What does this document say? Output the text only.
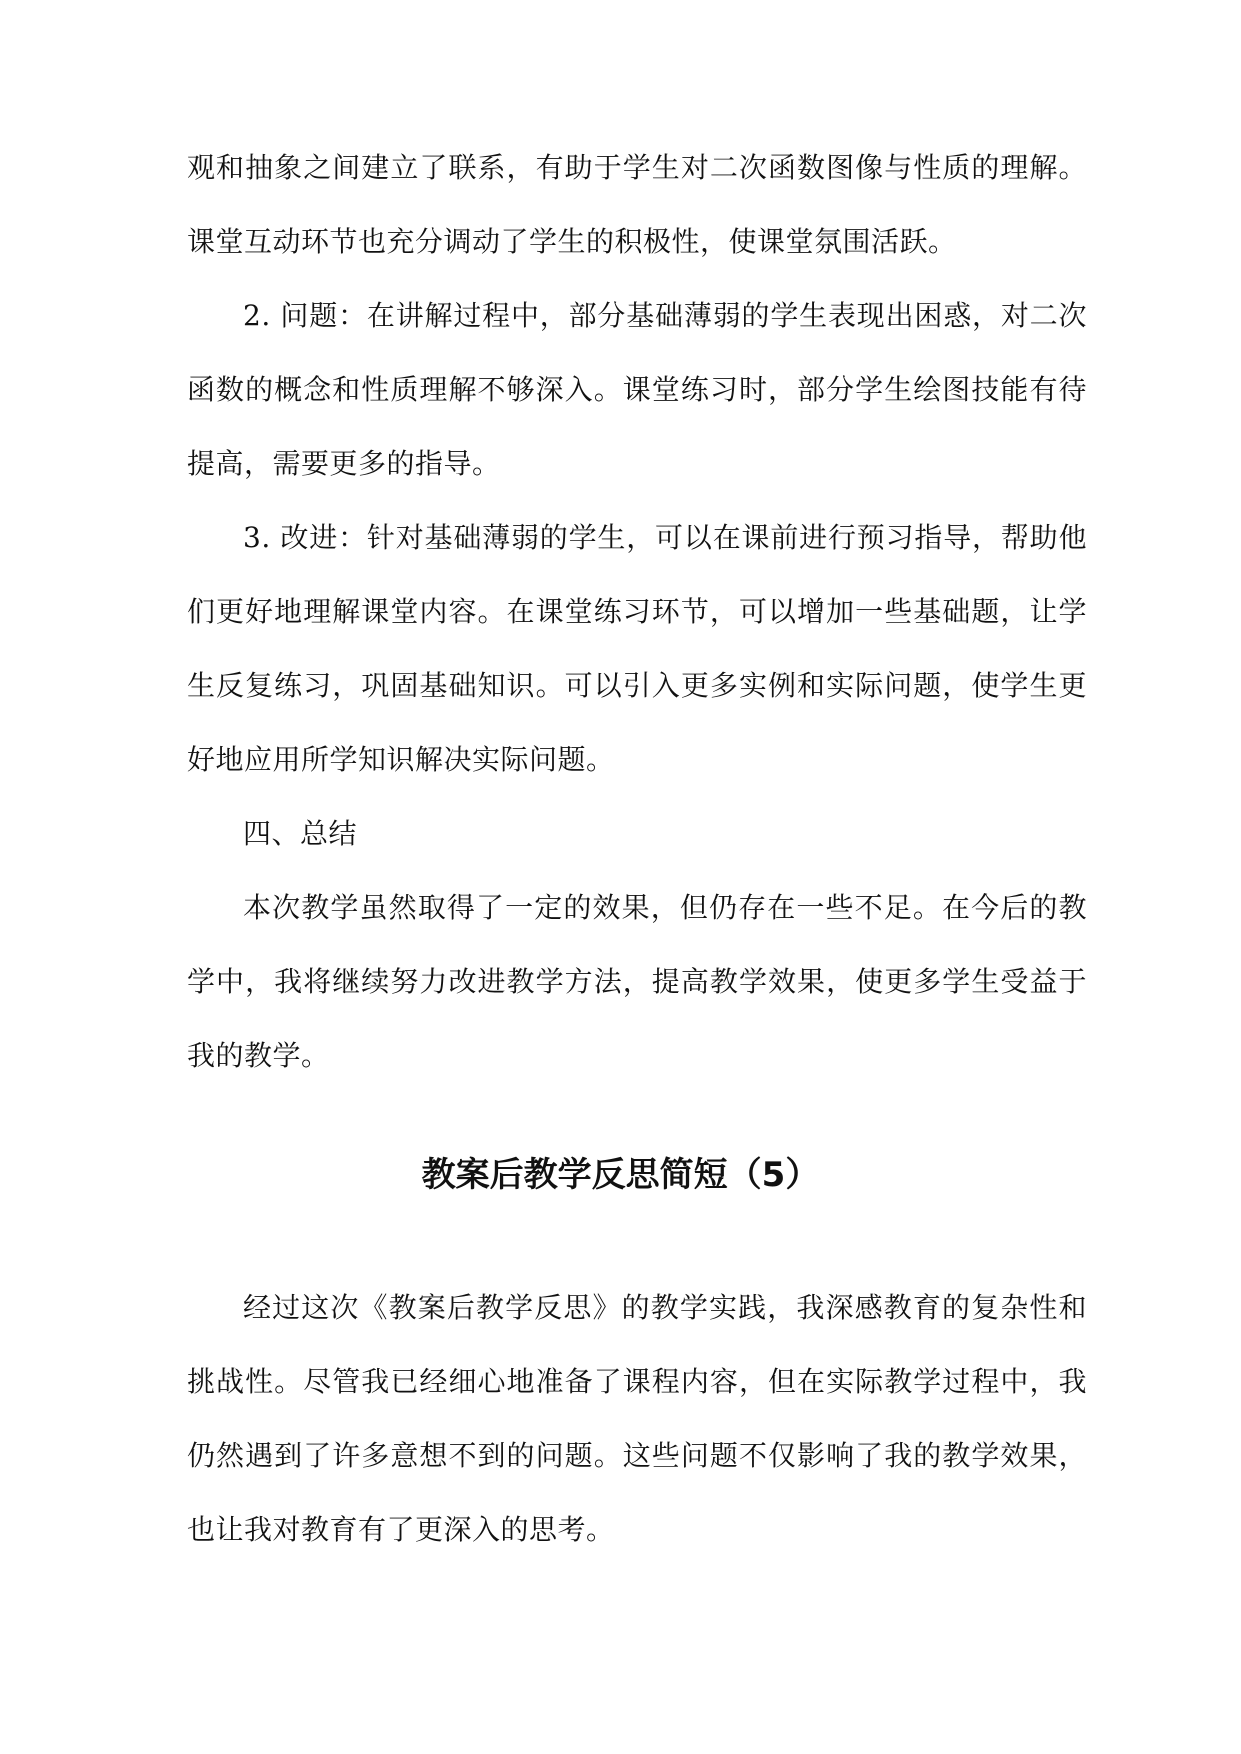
观和抽象之间建立了联系，有助于学生对二次函数图像与性质的理解。课堂互动环节也充分调动了学生的积极性，使课堂氛围活跃。

2. 问题：在讲解过程中，部分基础薄弱的学生表现出困惑，对二次函数的概念和性质理解不够深入。课堂练习时，部分学生绘图技能有待提高，需要更多的指导。

3. 改进：针对基础薄弱的学生，可以在课前进行预习指导，帮助他们更好地理解课堂内容。在课堂练习环节，可以增加一些基础题，让学生反复练习，巩固基础知识。可以引入更多实例和实际问题，使学生更好地应用所学知识解决实际问题。

四、总结

本次教学虽然取得了一定的效果，但仍存在一些不足。在今后的教学中，我将继续努力改进教学方法，提高教学效果，使更多学生受益于我的教学。

教案后教学反思简短（5）

经过这次《教案后教学反思》的教学实践，我深感教育的复杂性和挑战性。尽管我已经细心地准备了课程内容，但在实际教学过程中，我仍然遇到了许多意想不到的问题。这些问题不仅影响了我的教学效果，也让我对教育有了更深入的思考。
